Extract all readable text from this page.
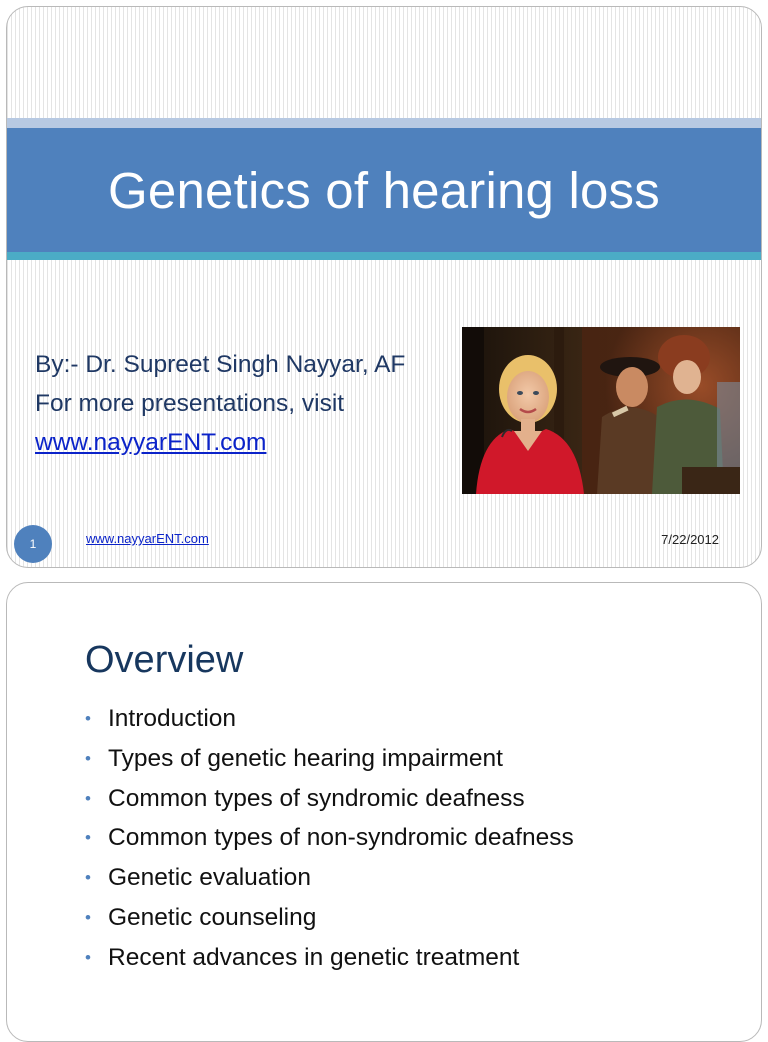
Genetics of hearing loss
By:- Dr. Supreet Singh Nayyar, AF
For more presentations, visit
www.nayyarENT.com
1	www.nayyarENT.com	7/22/2012
Overview
• Introduction
• Types of genetic hearing impairment
• Common types of syndromic deafness
• Common types of non-syndromic deafness
• Genetic evaluation
• Genetic counseling
• Recent advances in genetic treatment
